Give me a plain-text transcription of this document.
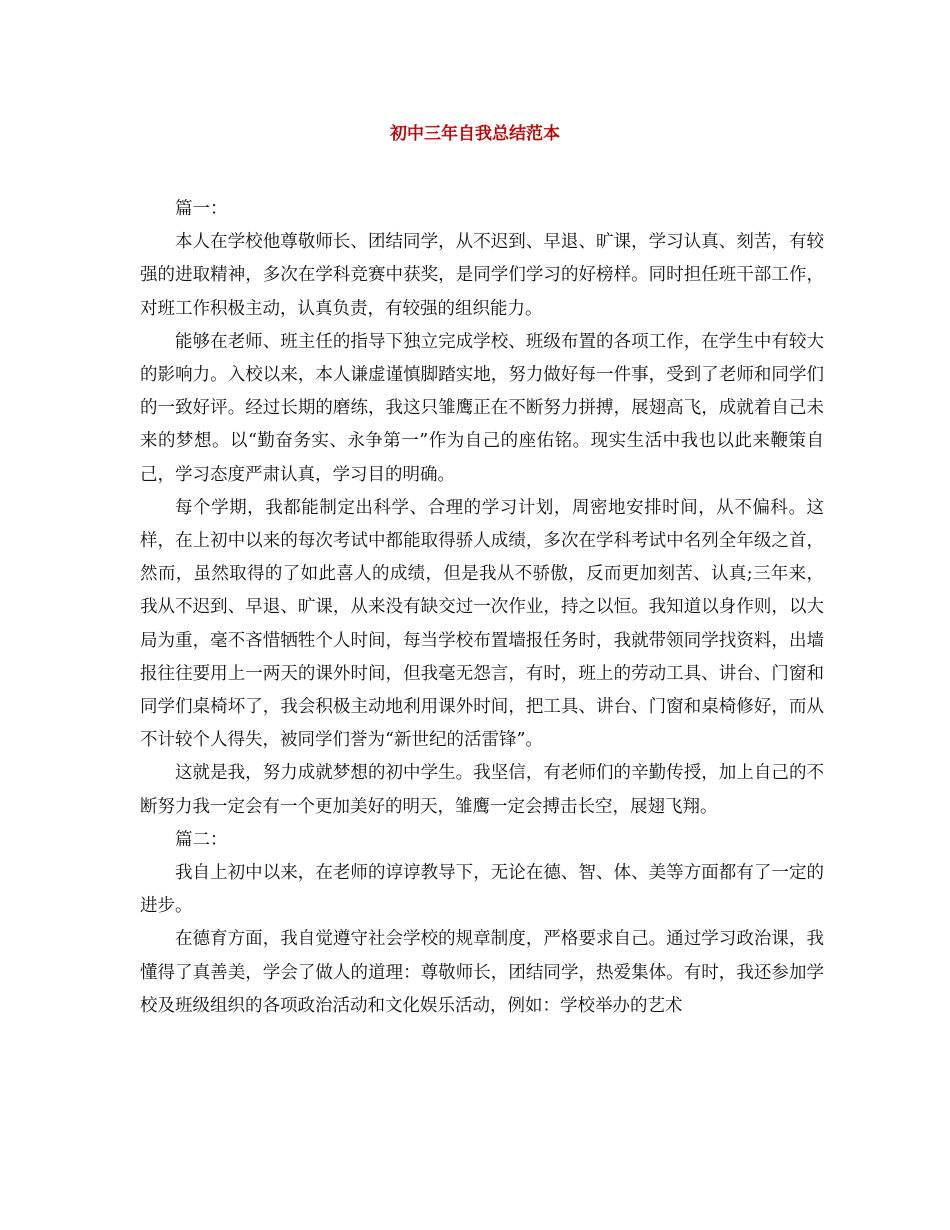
初中三年自我总结范本

篇一：

本人在学校他尊敬师长、团结同学，从不迟到、早退、旷课，学习认真、刻苦，有较强的进取精神，多次在学科竞赛中获奖，是同学们学习的好榜样。同时担任班干部工作，对班工作积极主动，认真负责，有较强的组织能力。

能够在老师、班主任的指导下独立完成学校、班级布置的各项工作，在学生中有较大的影响力。入校以来，本人谦虚谨慎脚踏实地，努力做好每一件事，受到了老师和同学们的一致好评。经过长期的磨练，我这只雏鹰正在不断努力拼搏，展翅高飞，成就着自己未来的梦想。以“勤奋务实、永争第一”作为自己的座佑铭。现实生活中我也以此来鞭策自己，学习态度严肃认真，学习目的明确。

每个学期，我都能制定出科学、合理的学习计划，周密地安排时间，从不偏科。这样，在上初中以来的每次考试中都能取得骄人成绩，多次在学科考试中名列全年级之首，然而，虽然取得的了如此喜人的成绩，但是我从不骄傲，反而更加刻苦、认真;三年来，我从不迟到、早退、旷课，从来没有缺交过一次作业，持之以恒。我知道以身作则，以大局为重，毫不吝惜牺牲个人时间，每当学校布置墙报任务时，我就带领同学找资料，出墙报往往要用上一两天的课外时间，但我毫无怨言，有时，班上的劳动工具、讲台、门窗和同学们桌椅坏了，我会积极主动地利用课外时间，把工具、讲台、门窗和桌椅修好，而从不计较个人得失，被同学们誉为“新世纪的活雷锋”。

这就是我，努力成就梦想的初中学生。我坚信，有老师们的辛勤传授，加上自己的不断努力我一定会有一个更加美好的明天，雏鹰一定会搏击长空，展翅飞翔。

篇二：

我自上初中以来，在老师的谆谆教导下，无论在德、智、体、美等方面都有了一定的进步。

在德育方面，我自觉遵守社会学校的规章制度，严格要求自己。通过学习政治课，我懂得了真善美，学会了做人的道理：尊敬师长，团结同学，热爱集体。有时，我还参加学校及班级组织的各项政治活动和文化娱乐活动，例如：学校举办的艺术
